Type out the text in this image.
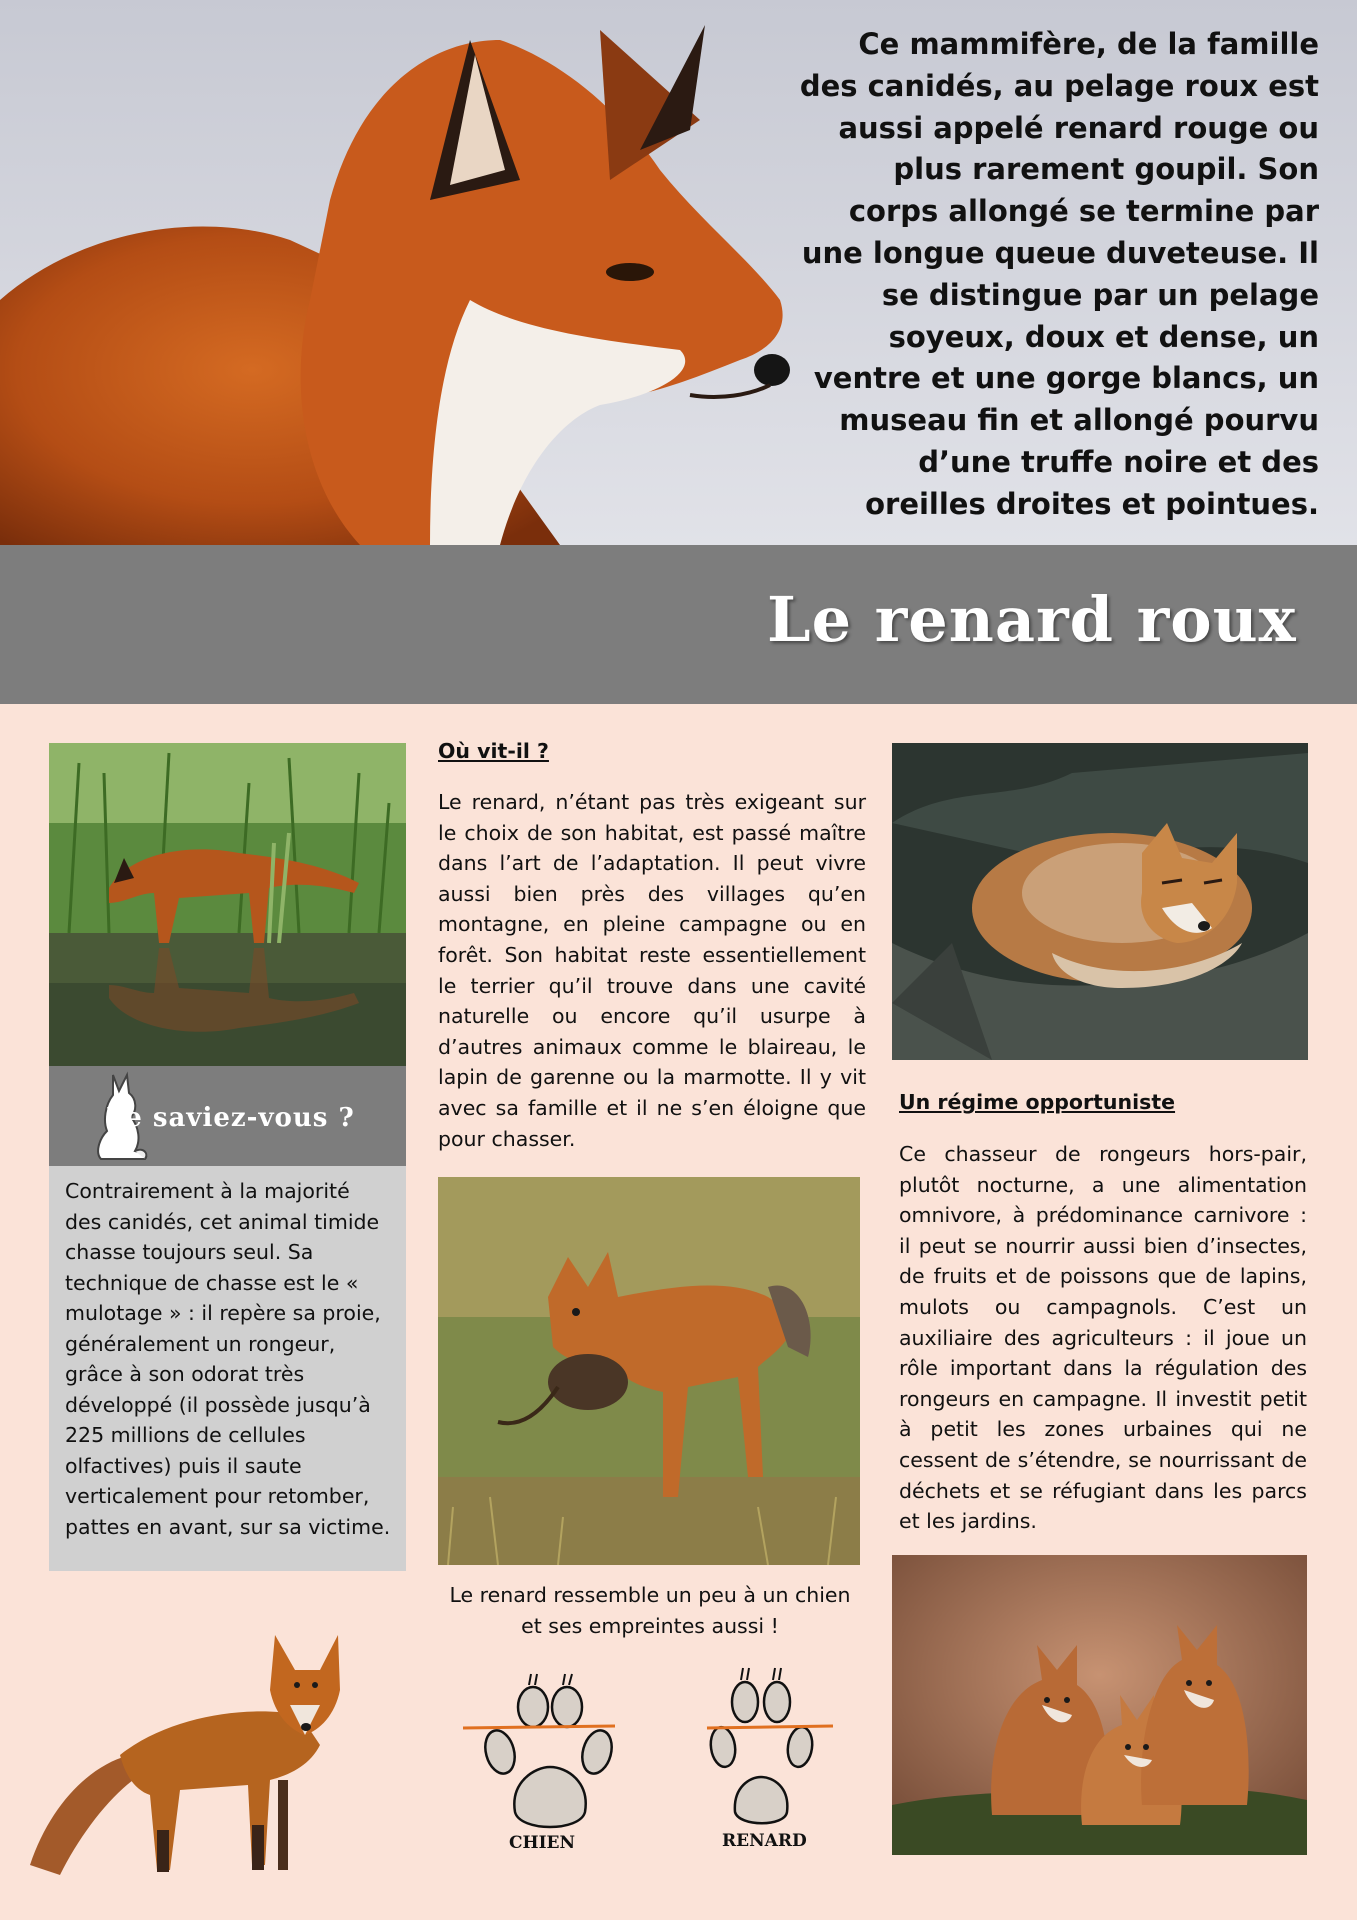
Ce mammifère, de la famille des canidés, au pelage roux est aussi appelé renard rouge ou plus rarement goupil. Son corps allongé se termine par une longue queue duveteuse. Il se distingue par un pelage soyeux, doux et dense, un ventre et une gorge blancs, un museau fin et allongé pourvu d’une truffe noire et des oreilles droites et pointues.
Le renard roux
Le saviez-vous ?

Contrairement à la majorité des canidés, cet animal timide chasse toujours seul. Sa technique de chasse est le « mulotage » : il repère sa proie, généralement un rongeur, grâce à son odorat très développé (il possède jusqu’à 225 millions de cellules olfactives) puis il saute verticalement pour retomber, pattes en avant, sur sa victime.

Où vit-il ?
Le renard, n’étant pas très exigeant sur le choix de son habitat, est passé maître dans l’art de l’adaptation. Il peut vivre aussi bien près des villages qu’en montagne, en pleine campagne ou en forêt. Son habitat reste essentiellement le terrier qu’il trouve dans une cavité naturelle ou encore qu’il usurpe à d’autres animaux comme le blaireau, le lapin de garenne ou la marmotte. Il y vit avec sa famille et il ne s’en éloigne que pour chasser.
Le renard ressemble un peu à un chien et ses empreintes aussi !
CHIEN	RENARD
Un régime opportuniste
Ce chasseur de rongeurs hors-pair, plutôt nocturne, a une alimentation omnivore, à prédominance carnivore : il peut se nourrir aussi bien d’insectes, de fruits et de poissons que de lapins, mulots ou campagnols. C’est un auxiliaire des agriculteurs : il joue un rôle important dans la régulation des rongeurs en campagne. Il investit petit à petit les zones urbaines qui ne cessent de s’étendre, se nourrissant de déchets et se réfugiant dans les parcs et les jardins.
